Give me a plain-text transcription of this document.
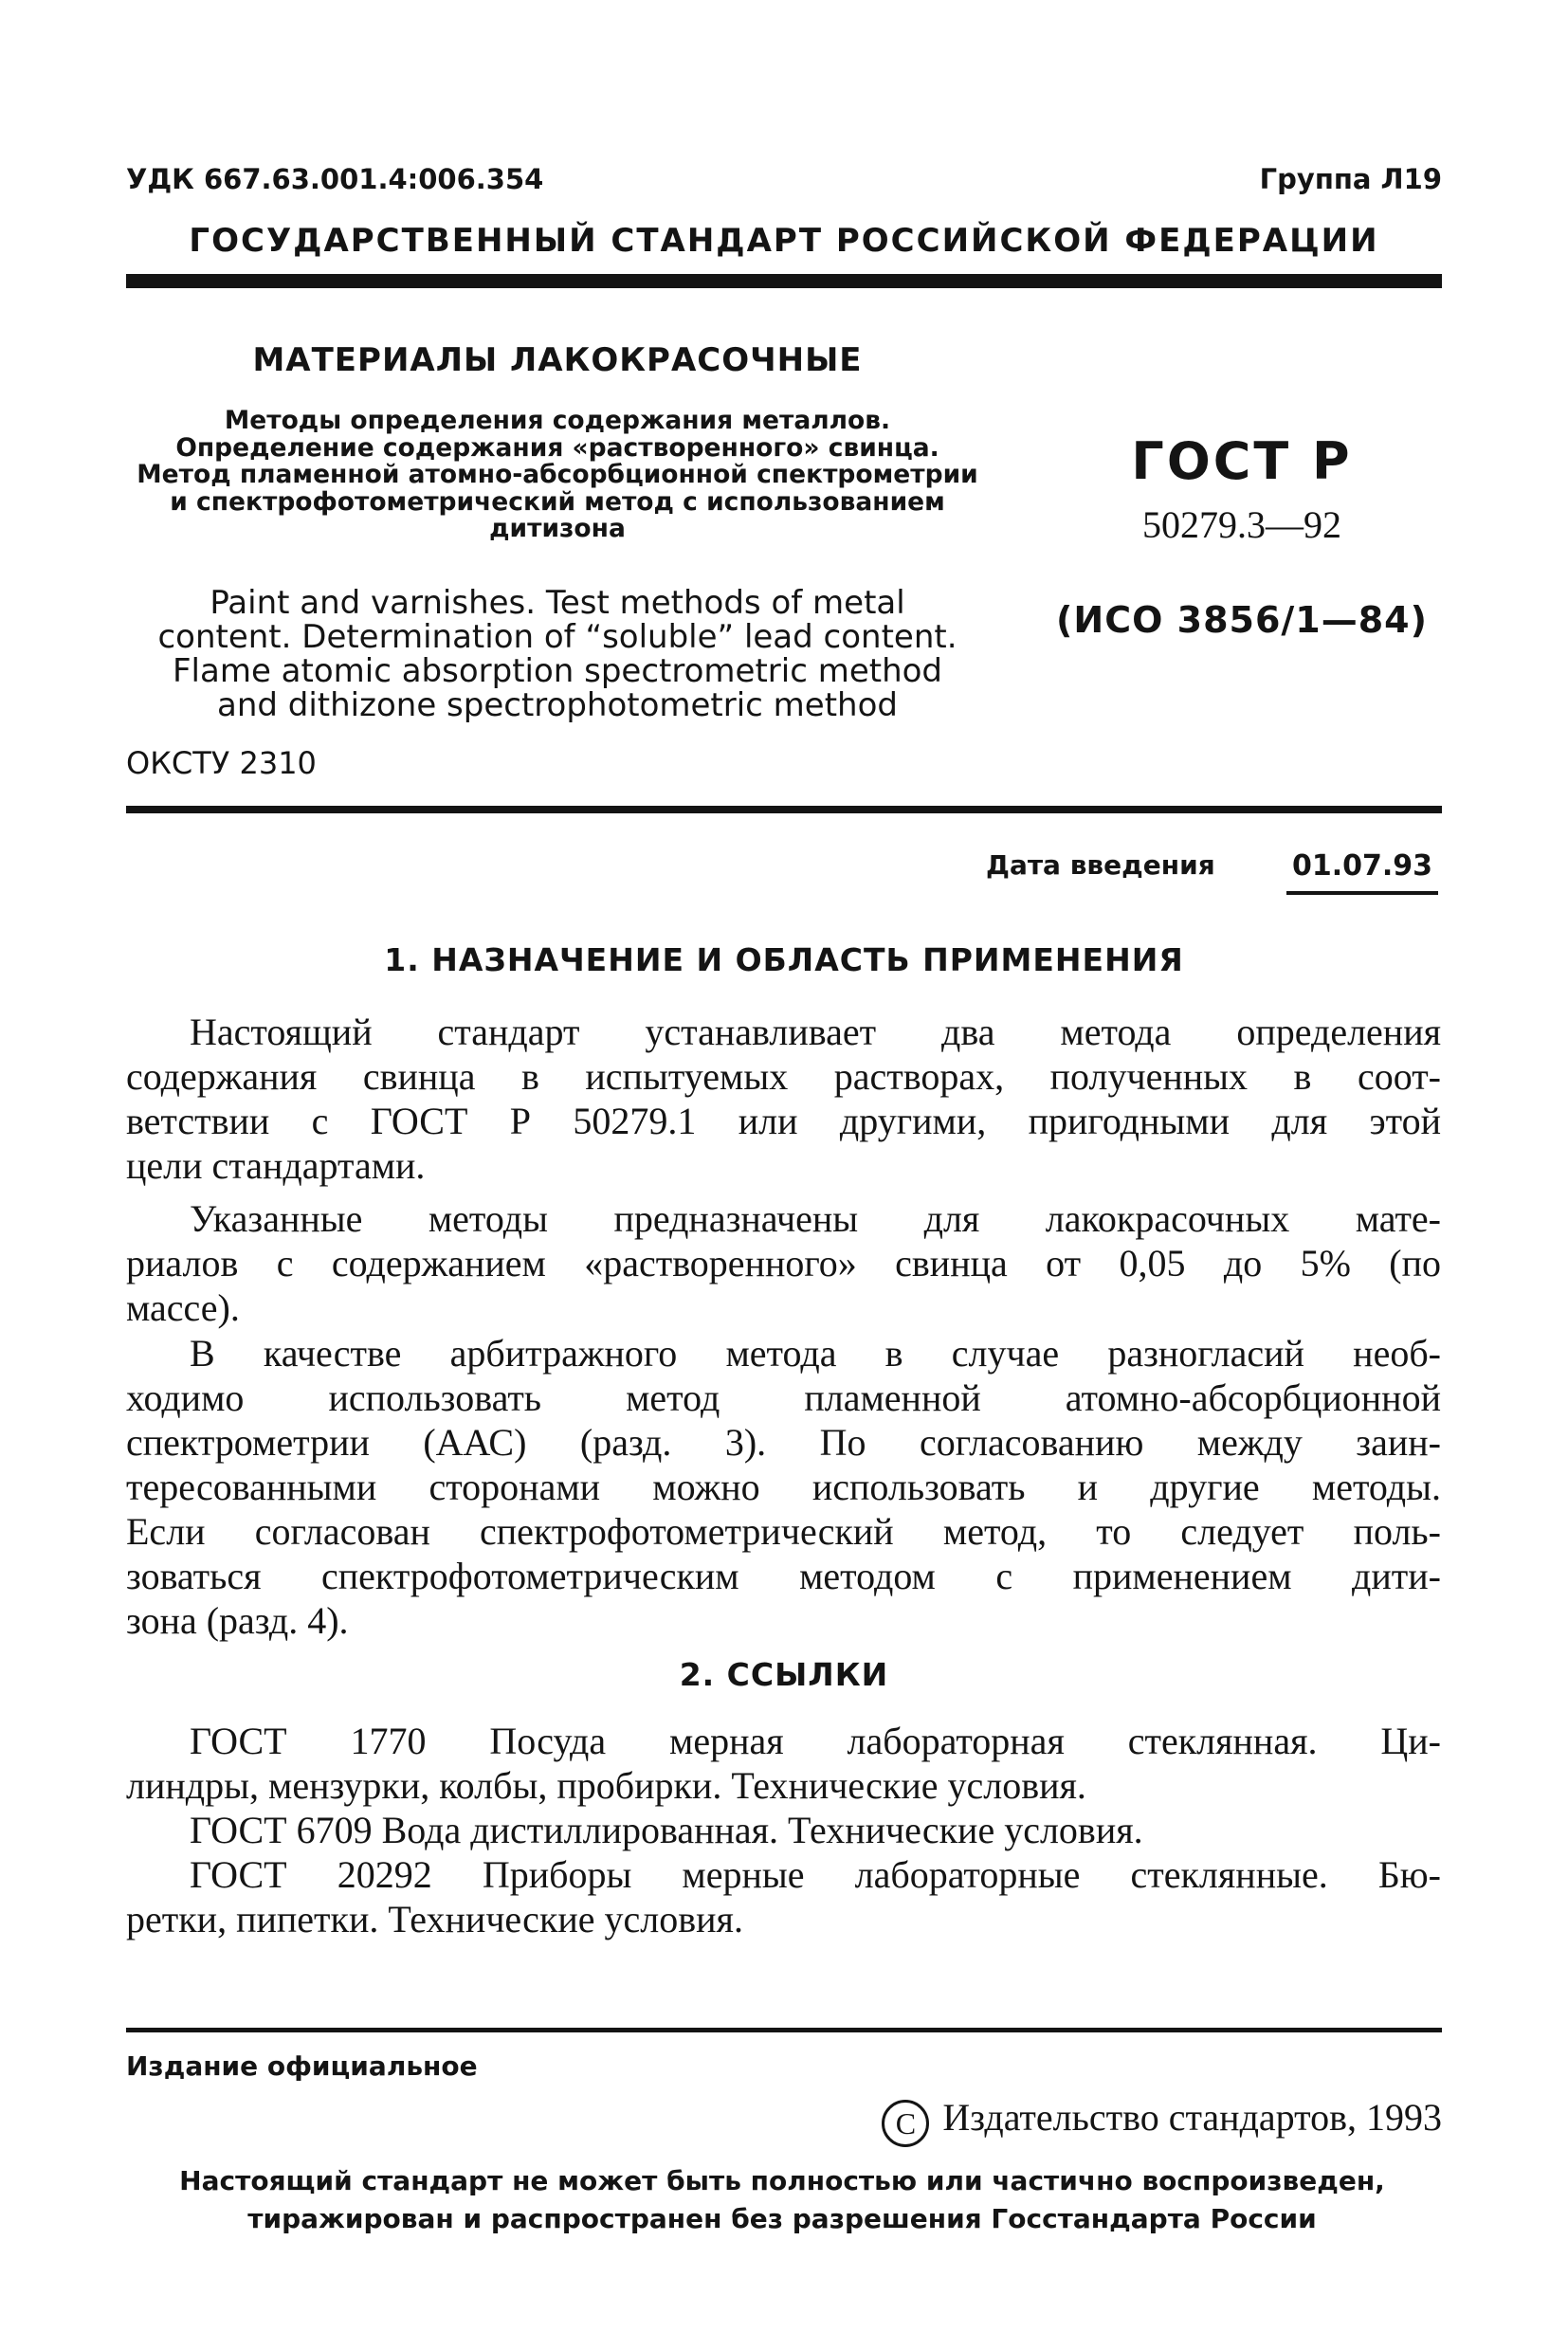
УДК 667.63.001.4:006.354	Группа Л19
ГОСУДАРСТВЕННЫЙ СТАНДАРТ РОССИЙСКОЙ ФЕДЕРАЦИИ
МАТЕРИАЛЫ ЛАКОКРАСОЧНЫЕ
Методы определения содержания металлов.
Определение содержания «растворенного» свинца.
Метод пламенной атомно-абсорбционной спектрометрии
и спектрофотометрический метод с использованием
дитизона
Paint and varnishes. Test methods of metal
content. Determination of “soluble” lead content.
Flame atomic absorption spectrometric method
and dithizone spectrophotometric method
ОКСТУ 2310
ГОСТ Р
50279.3—92
(ИСО 3856/1—84)
Дата введения	01.07.93
1. НАЗНАЧЕНИЕ И ОБЛАСТЬ ПРИМЕНЕНИЯ

Настоящий стандарт устанавливает два метода определения

содержания свинца в испытуемых растворах, полученных в соот-

ветствии с ГОСТ Р 50279.1 или другими, пригодными для этой

цели стандартами.

Указанные методы предназначены для лакокрасочных мате-

риалов с содержанием «растворенного» свинца от 0,05 до 5% (по

массе).

В качестве арбитражного метода в случае разногласий необ-

ходимо использовать метод пламенной атомно-абсорбционной

спектрометрии (ААС) (разд. 3). По согласованию между заин-

тересованными сторонами можно использовать и другие методы.

Если согласован спектрофотометрический метод, то следует поль-

зоваться спектрофотометрическим методом с применением дити-

зона (разд. 4).

2. ССЫЛКИ

ГОСТ 1770 Посуда мерная лабораторная стеклянная. Ци-

линдры, мензурки, колбы, пробирки. Технические условия.

ГОСТ 6709 Вода дистиллированная. Технические условия.

ГОСТ 20292 Приборы мерные лабораторные стеклянные. Бю-

ретки, пипетки. Технические условия.

Издание официальное
C Издательство стандартов, 1993
Настоящий стандарт не может быть полностью или частично воспроизведен,
тиражирован и распространен без разрешения Госстандарта России
